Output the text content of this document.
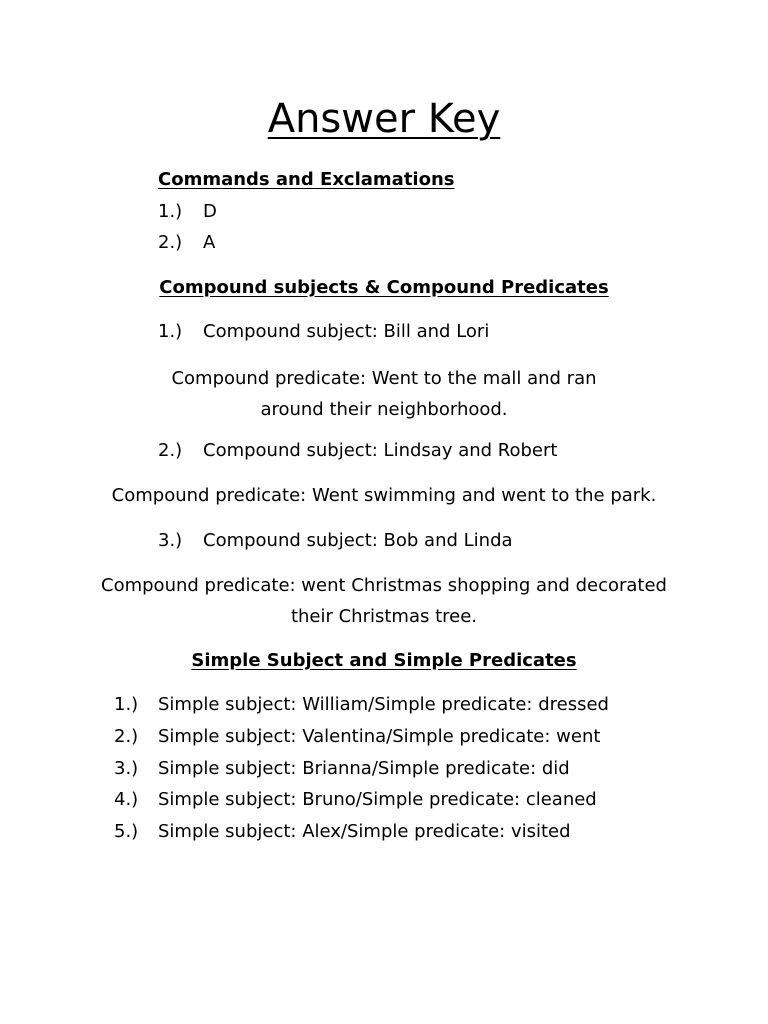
Answer Key
Commands and Exclamations
1.) D
2.) A
Compound subjects & Compound Predicates
1.) Compound subject: Bill and Lori
Compound predicate: Went to the mall and ran
around their neighborhood.
2.) Compound subject: Lindsay and Robert
Compound predicate: Went swimming and went to the park.
3.) Compound subject: Bob and Linda
Compound predicate: went Christmas shopping and decorated
their Christmas tree.
Simple Subject and Simple Predicates
1.) Simple subject: William/Simple predicate: dressed
2.) Simple subject: Valentina/Simple predicate: went
3.) Simple subject: Brianna/Simple predicate: did
4.) Simple subject: Bruno/Simple predicate: cleaned
5.) Simple subject: Alex/Simple predicate: visited
